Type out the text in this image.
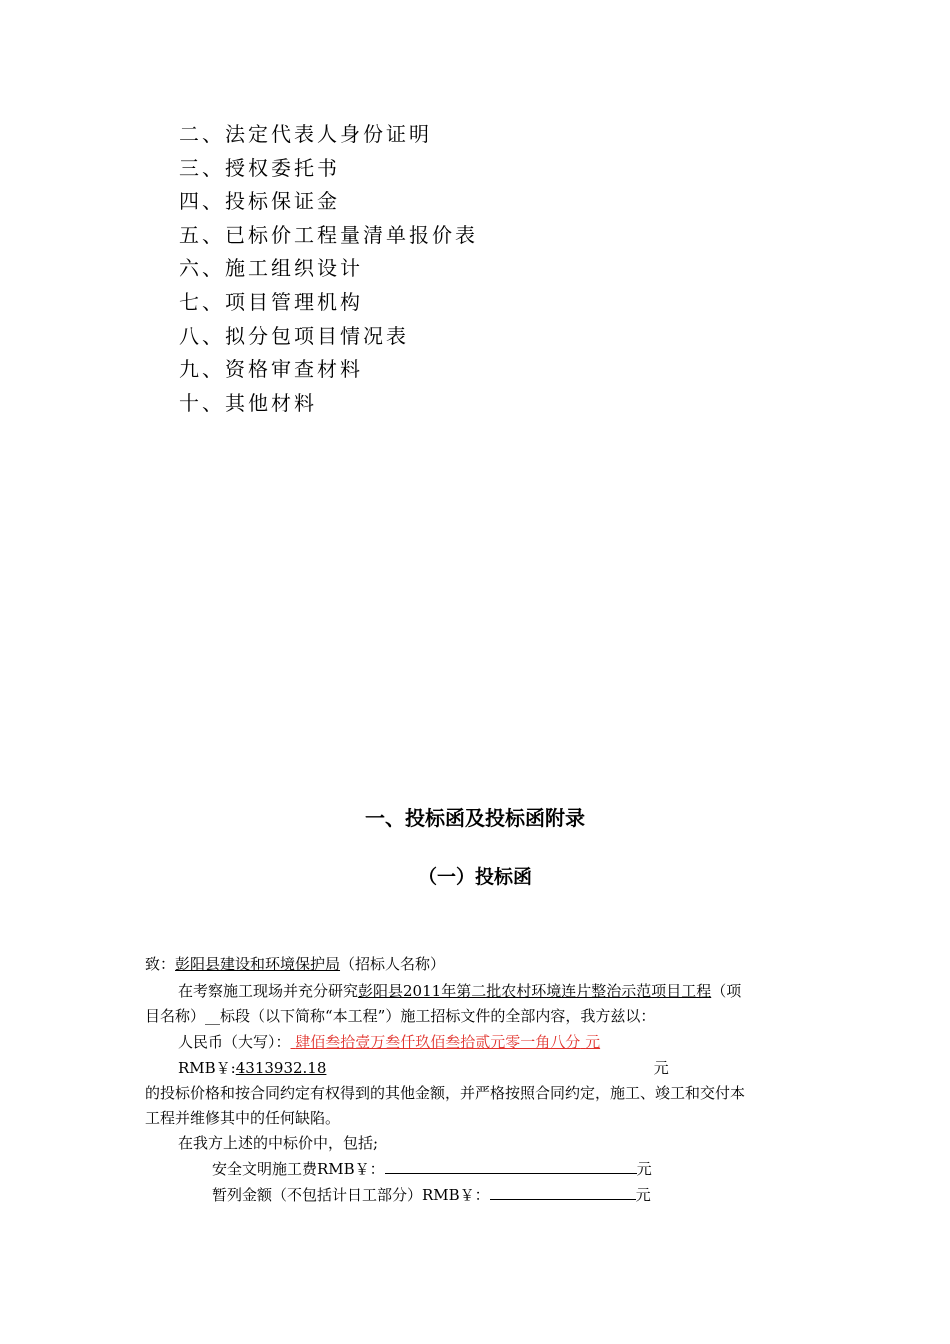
二、法定代表人身份证明
三、授权委托书
四、投标保证金
五、已标价工程量清单报价表
六、施工组织设计
七、项目管理机构
八、拟分包项目情况表
九、资格审查材料
十、其他材料
一、投标函及投标函附录
（一）投标函
致：彭阳县建设和环境保护局（招标人名称）
在考察施工现场并充分研究彭阳县2011年第二批农村环境连片整治示范项目工程（项
目名称）__标段（以下简称“本工程”）施工招标文件的全部内容，我方兹以：
人民币（大写）： 肆佰叁拾壹万叁仟玖佰叁拾贰元零一角八分 元
RMB￥:4313932.18	元
的投标价格和按合同约定有权得到的其他金额，并严格按照合同约定，施工、竣工和交付本
工程并维修其中的任何缺陷。
在我方上述的中标价中，包括;
安全文明施工费RMB￥：	元
暂列金额（不包括计日工部分）RMB￥：	元
